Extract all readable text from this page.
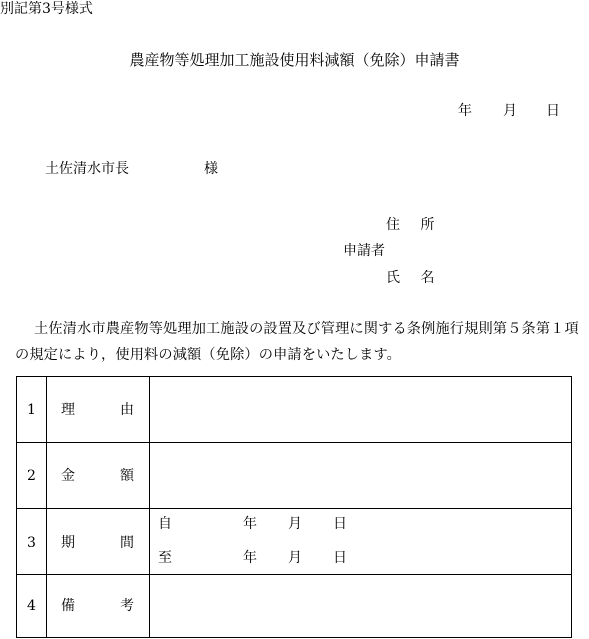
別記第3号様式
農産物等処理加工施設使用料減額（免除）申請書
年 月 日
土佐清水市長	様
住 所
申請者
氏 名
土佐清水市農産物等処理加工施設の設置及び管理に関する条例施行規則第５条第１項
の規定により，使用料の減額（免除）の申請をいたします。
1 理	由
2 金	額
3 期	間
自	年 月 日
至	年 月 日
4 備	考
